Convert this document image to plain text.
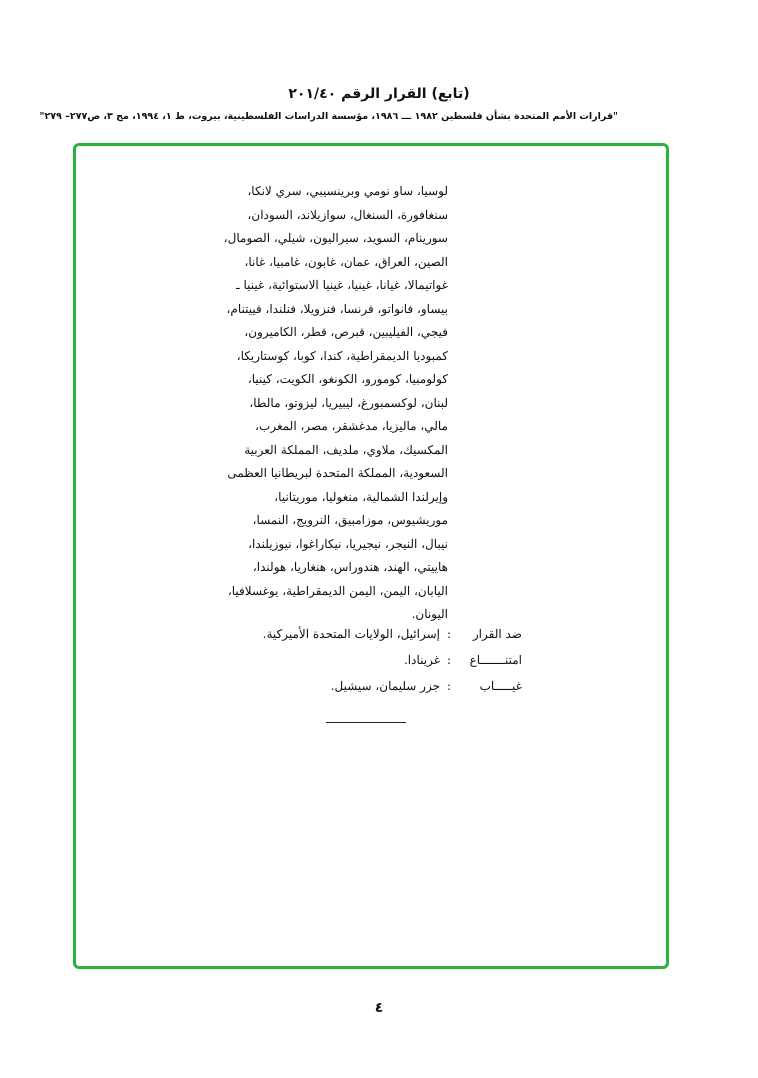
(تابع) القرار الرقم ٢٠١/٤٠
"قرارات الأمم المتحدة بشأن فلسطين ١٩٨٢ ـــ ١٩٨٦، مؤسسة الدراسات الفلسطينية، بيروت، ط ١، ١٩٩٤، مج ٣، ص٢٧٧– ٢٧٩"
لوسيا، ساو نومي وبرينسيبي، سري لانكا،
سنغافورة، السنغال، سوازيلاند، السودان،
سورينام، السويد، سيراليون، شيلي، الصومال،
الصين، العراق، عمان، غابون، غامبيا، غانا،
غواتيمالا، غيانا، غينيا، غينيا الاستوائية، غينيا ـ
بيساو، فانواتو، فرنسا، فنزويلا، فنلندا، فييتنام،
فيجي، الفيليبين، قبرص، قطر، الكاميرون،
كمبوديا الديمقراطية، كندا، كوبا، كوستاريكا،
كولومبيا، كومورو، الكونغو، الكويت، كينيا،
لبنان، لوكسمبورغ، ليبيريا، ليزوتو، مالطا،
مالي، ماليزيا، مدغشقر، مصر، المغرب،
المكسيك، ملاوي، ملديف، المملكة العربية
السعودية، المملكة المتحدة لبريطانيا العظمى
وإيرلندا الشمالية، منغوليا، موريتانيا،
موريشيوس، موزامبيق، النرويج، النمسا،
نيبال، النيجر، نيجيريا، نيكاراغوا، نيوزيلندا،
هاييتي، الهند، هندوراس، هنغاريا، هولندا،
اليابان، اليمن، اليمن الديمقراطية، يوغسلافيا،
اليونان.
ضد القرار
:
إسرائيل، الولايات المتحدة الأميركية.
امتنـــــــاع
:
غرينادا.
غيـــــاب
:
جزر سليمان، سيشيل.
٤
